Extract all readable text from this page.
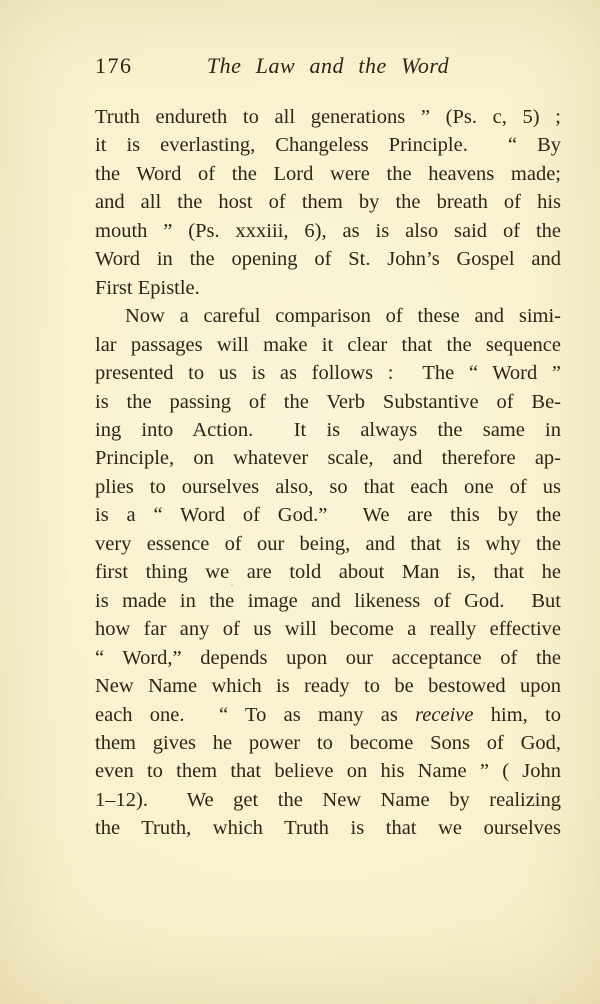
176	The Law and the Word
Truth endureth to all generations ” (Ps. c, 5) ;
it is everlasting, Changeless Principle.  “ By
the Word of the Lord were the heavens made;
and all the host of them by the breath of his
mouth ” (Ps. xxxiii, 6), as is also said of the
Word in the opening of St. John’s Gospel and
First Epistle.
Now a careful comparison of these and simi-
lar passages will make it clear that the sequence
presented to us is as follows :  The “ Word ”
is the passing of the Verb Substantive of Be-
ing into Action.  It is always the same in
Principle, on whatever scale, and therefore ap-
plies to ourselves also, so that each one of us
is a “ Word of God.”  We are this by the
very essence of our being, and that is why the
first thing we are told about Man is, that he
is made in the image and likeness of God.  But
how far any of us will become a really effective
“ Word,” depends upon our acceptance of the
New Name which is ready to be bestowed upon
each one.  “ To as many as receive him, to
them gives he power to become Sons of God,
even to them that believe on his Name ” ( John
1–12).  We get the New Name by realizing
the Truth, which Truth is that we ourselves
